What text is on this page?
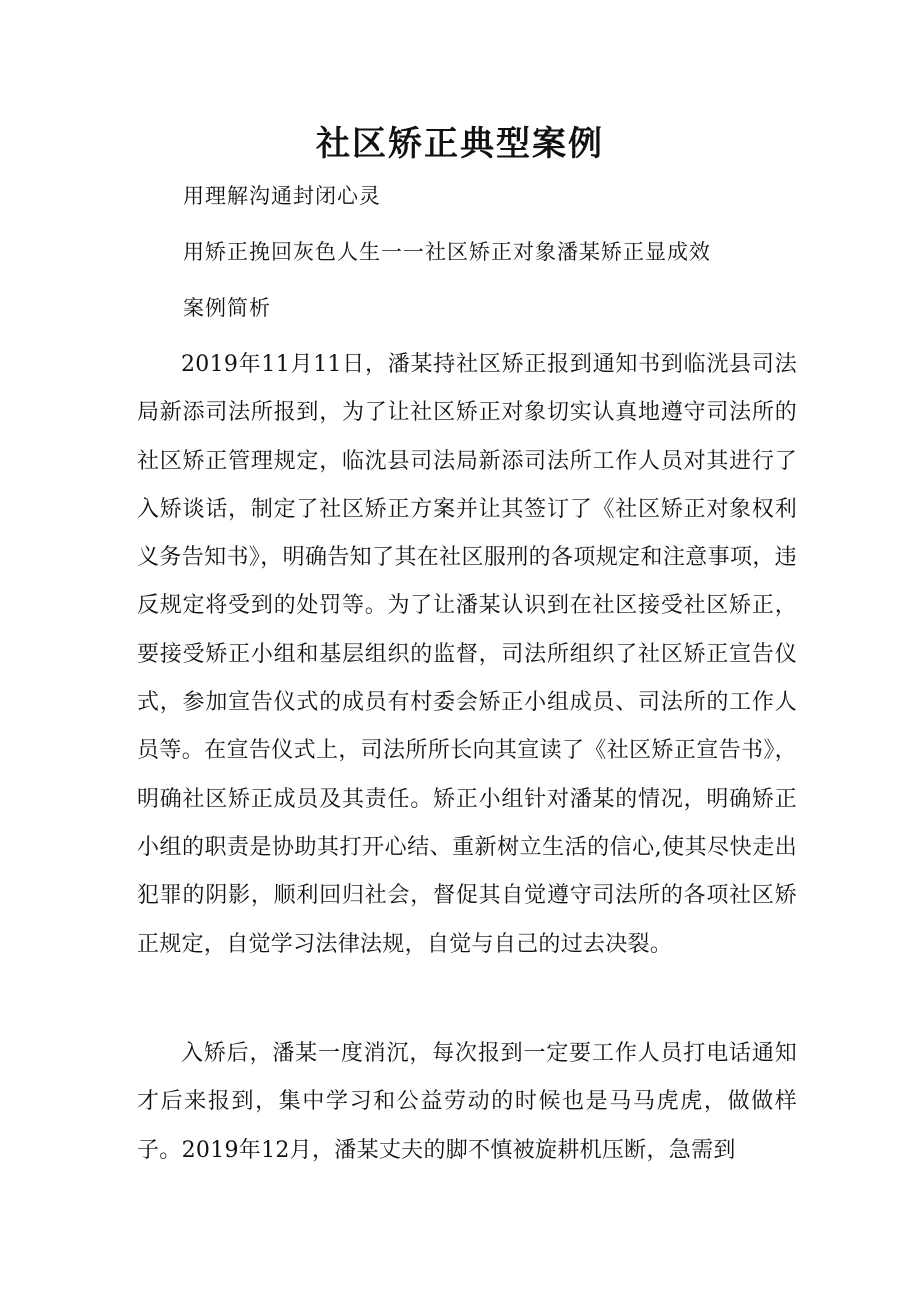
社区矫正典型案例
用理解沟通封闭心灵
用矫正挽回灰色人生一一社区矫正对象潘某矫正显成效
案例简析

2019年11月11日，潘某持社区矫正报到通知书到临洸县司法局新添司法所报到，为了让社区矫正对象切实认真地遵守司法所的社区矫正管理规定，临沈县司法局新添司法所工作人员对其进行了入矫谈话，制定了社区矫正方案并让其签订了《社区矫正对象权利义务告知书》，明确告知了其在社区服刑的各项规定和注意事项，违反规定将受到的处罚等。为了让潘某认识到在社区接受社区矫正，要接受矫正小组和基层组织的监督，司法所组织了社区矫正宣告仪式，参加宣告仪式的成员有村委会矫正小组成员、司法所的工作人员等。在宣告仪式上，司法所所长向其宣读了《社区矫正宣告书》，明确社区矫正成员及其责任。矫正小组针对潘某的情况，明确矫正小组的职责是协助其打开心结、重新树立生活的信心,使其尽快走出犯罪的阴影，顺利回归社会，督促其自觉遵守司法所的各项社区矫正规定，自觉学习法律法规，自觉与自己的过去决裂。

入矫后，潘某一度消沉，每次报到一定要工作人员打电话通知才后来报到，集中学习和公益劳动的时候也是马马虎虎，做做样子。2019年12月，潘某丈夫的脚不慎被旋耕机压断，急需到
